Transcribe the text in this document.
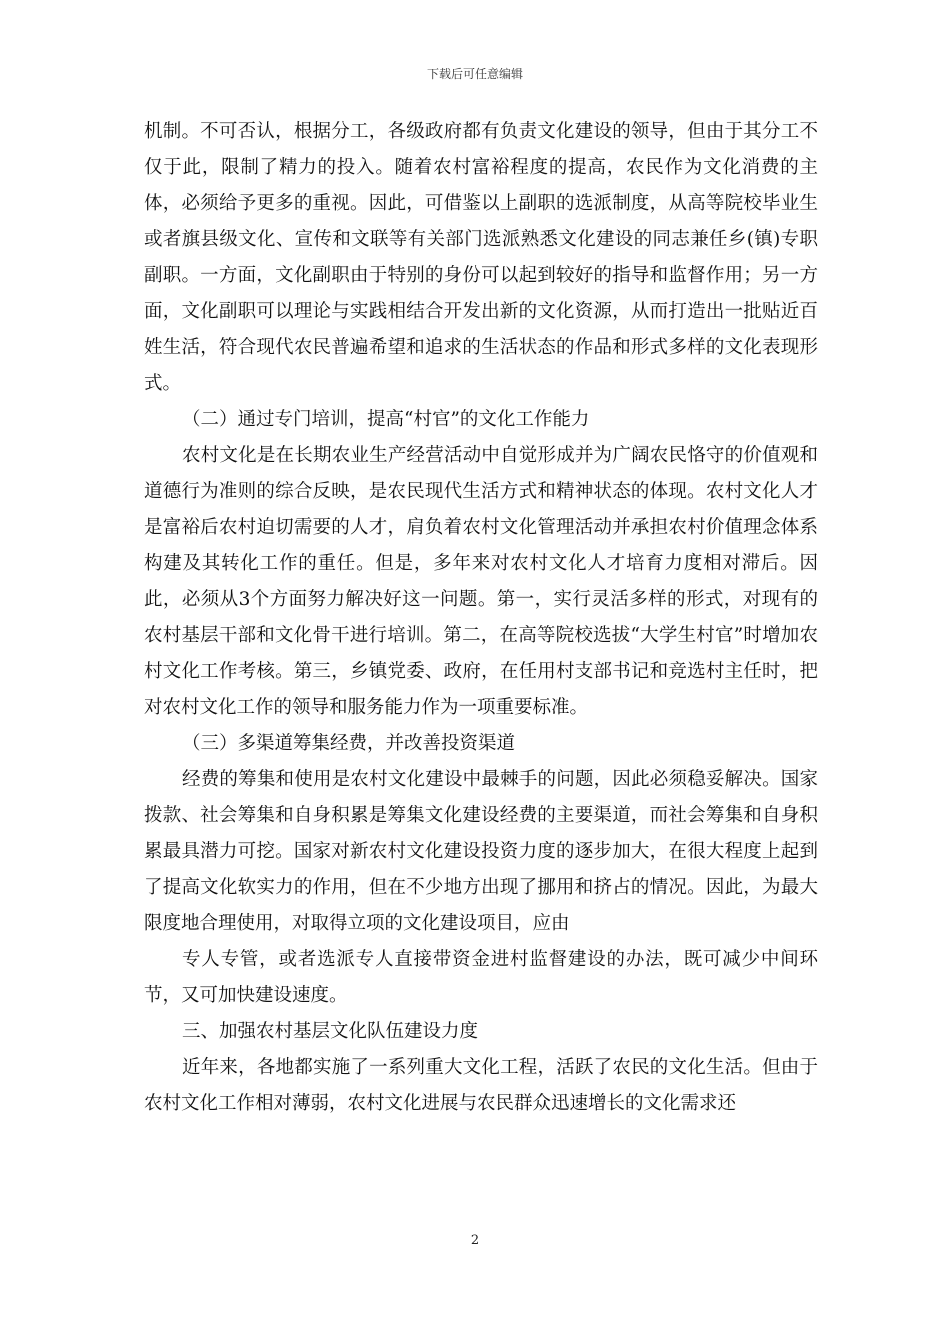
下载后可任意编辑

机制。不可否认，根据分工，各级政府都有负责文化建设的领导，但由于其分工不仅于此，限制了精力的投入。随着农村富裕程度的提高，农民作为文化消费的主体，必须给予更多的重视。因此，可借鉴以上副职的选派制度，从高等院校毕业生或者旗县级文化、宣传和文联等有关部门选派熟悉文化建设的同志兼任乡(镇)专职副职。一方面，文化副职由于特别的身份可以起到较好的指导和监督作用；另一方面，文化副职可以理论与实践相结合开发出新的文化资源，从而打造出一批贴近百姓生活，符合现代农民普遍希望和追求的生活状态的作品和形式多样的文化表现形式。

（二）通过专门培训，提高“村官”的文化工作能力

农村文化是在长期农业生产经营活动中自觉形成并为广阔农民恪守的价值观和道德行为准则的综合反映，是农民现代生活方式和精神状态的体现。农村文化人才是富裕后农村迫切需要的人才，肩负着农村文化管理活动并承担农村价值理念体系构建及其转化工作的重任。但是，多年来对农村文化人才培育力度相对滞后。因此，必须从3个方面努力解决好这一问题。第一，实行灵活多样的形式，对现有的农村基层干部和文化骨干进行培训。第二，在高等院校选拔“大学生村官”时增加农村文化工作考核。第三，乡镇党委、政府，在任用村支部书记和竞选村主任时，把对农村文化工作的领导和服务能力作为一项重要标准。

（三）多渠道筹集经费，并改善投资渠道

经费的筹集和使用是农村文化建设中最棘手的问题，因此必须稳妥解决。国家拨款、社会筹集和自身积累是筹集文化建设经费的主要渠道，而社会筹集和自身积累最具潜力可挖。国家对新农村文化建设投资力度的逐步加大，在很大程度上起到了提高文化软实力的作用，但在不少地方出现了挪用和挤占的情况。因此，为最大限度地合理使用，对取得立项的文化建设项目，应由

专人专管，或者选派专人直接带资金进村监督建设的办法，既可减少中间环节，又可加快建设速度。

三、加强农村基层文化队伍建设力度

近年来，各地都实施了一系列重大文化工程，活跃了农民的文化生活。但由于农村文化工作相对薄弱，农村文化进展与农民群众迅速增长的文化需求还

2
